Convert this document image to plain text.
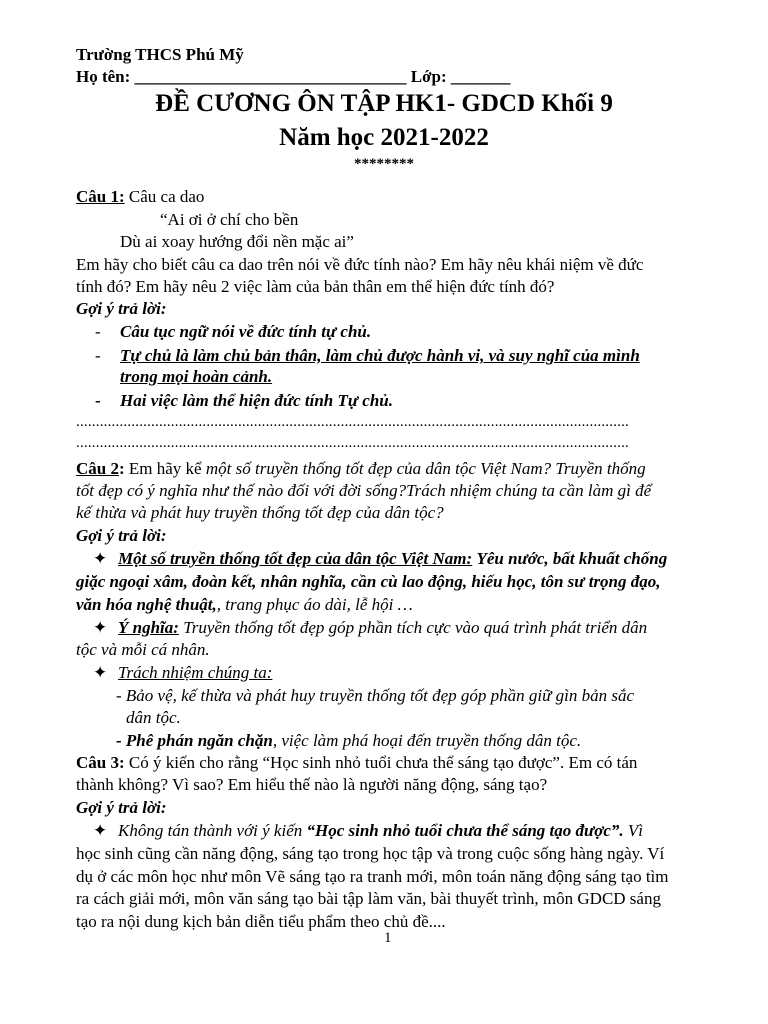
Trường THCS Phú Mỹ
Họ tên: ________________________________ Lớp: _______
ĐỀ CƯƠNG ÔN TẬP HK1- GDCD Khối 9
Năm học 2021-2022
********
Câu 1: Câu ca dao
“Ai ơi ở chí cho bền
Dù ai xoay hướng đổi nền mặc ai”
Em hãy cho biết câu ca dao trên nói về đức tính nào? Em hãy nêu khái niệm về đức
tính đó? Em hãy nêu 2 việc làm của bản thân em thể hiện đức tính đó?
Gợi ý trả lời:
- Câu tục ngữ nói về đức tính tự chủ.
- Tự chủ là làm chủ bản thân, làm chủ được hành vi, và suy nghĩ của mình
trong mọi hoàn cảnh.
- Hai việc làm thể hiện đức tính Tự chủ.
............................................................................................................................................
............................................................................................................................................
Câu 2: Em hãy kể một số truyền thống tốt đẹp của dân tộc Việt Nam? Truyền thống
tốt đẹp có ý nghĩa như thế nào đối với đời sống?Trách nhiệm chúng ta cần làm gì để
kế thừa và phát huy truyền thống tốt đẹp của dân tộc?
Gợi ý trả lời:
✦ Một số truyền thống tốt đẹp của dân tộc Việt Nam: Yêu nước, bất khuất chống
giặc ngoại xâm, đoàn kết, nhân nghĩa, cần cù lao động, hiếu học, tôn sư trọng đạo,
văn hóa nghệ thuật,, trang phục áo dài, lễ hội …
✦ Ý nghĩa: Truyền thống tốt đẹp góp phần tích cực vào quá trình phát triển dân
tộc và mỗi cá nhân.
✦ Trách nhiệm chúng ta:
- Bảo vệ, kế thừa và phát huy truyền thống tốt đẹp góp phần giữ gìn bản sắc
dân tộc.
- Phê phán ngăn chặn, việc làm phá hoại đến truyền thống dân tộc.
Câu 3: Có ý kiến cho rằng “Học sinh nhỏ tuổi chưa thể sáng tạo được”. Em có tán
thành không? Vì sao? Em hiểu thế nào là người năng động, sáng tạo?
Gợi ý trả lời:
✦ Không tán thành với ý kiến “Học sinh nhỏ tuổi chưa thể sáng tạo được”. Vì
học sinh cũng cần năng động, sáng tạo trong học tập và trong cuộc sống hàng ngày. Ví
dụ ở các môn học như môn Vẽ sáng tạo ra tranh mới, môn toán năng động sáng tạo tìm
ra cách giải mới, môn văn sáng tạo bài tập làm văn, bài thuyết trình, môn GDCD sáng
tạo ra nội dung kịch bản diễn tiểu phẩm theo chủ đề....
1
